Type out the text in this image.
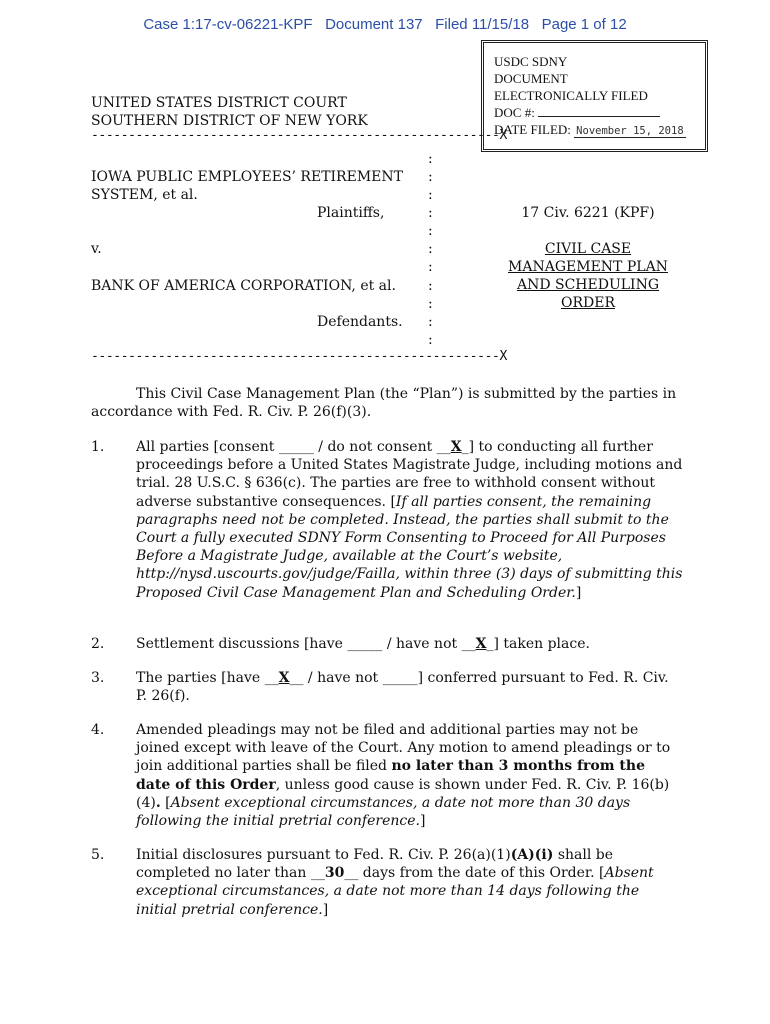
Case 1:17-cv-06221-KPF   Document 137   Filed 11/15/18   Page 1 of 12
USDC SDNY
DOCUMENT
ELECTRONICALLY FILED
DOC #:
DATE FILED: November 15, 2018
UNITED STATES DISTRICT COURT
SOUTHERN DISTRICT OF NEW YORK
-------------------------------------------------------X
IOWA PUBLIC EMPLOYEES’ RETIREMENT
SYSTEM, et al.
Plaintiffs,
v.
BANK OF AMERICA CORPORATION, et al.
Defendants.
:
:
:
:
:
:
:
:
:
:
:
-------------------------------------------------------X
17 Civ. 6221 (KPF)
CIVIL CASE
MANAGEMENT PLAN
AND SCHEDULING
ORDER
This Civil Case Management Plan (the “Plan”) is submitted by the parties in accordance with Fed. R. Civ. P. 26(f)(3).
1. All parties [consent _____ / do not consent __X_] to conducting all further proceedings before a United States Magistrate Judge, including motions and trial. 28 U.S.C. § 636(c). The parties are free to withhold consent without adverse substantive consequences. [If all parties consent, the remaining paragraphs need not be completed. Instead, the parties shall submit to the Court a fully executed SDNY Form Consenting to Proceed for All Purposes Before a Magistrate Judge, available at the Court’s website, http://nysd.uscourts.gov/judge/Failla, within three (3) days of submitting this Proposed Civil Case Management Plan and Scheduling Order.]
2. Settlement discussions [have _____ / have not __X_] taken place.
3. The parties [have __X__ / have not _____] conferred pursuant to Fed. R. Civ. P. 26(f).
4. Amended pleadings may not be filed and additional parties may not be joined except with leave of the Court. Any motion to amend pleadings or to join additional parties shall be filed no later than 3 months from the date of this Order, unless good cause is shown under Fed. R. Civ. P. 16(b)(4). [Absent exceptional circumstances, a date not more than 30 days following the initial pretrial conference.]
5. Initial disclosures pursuant to Fed. R. Civ. P. 26(a)(1)(A)(i) shall be completed no later than __30__ days from the date of this Order. [Absent exceptional circumstances, a date not more than 14 days following the initial pretrial conference.]
